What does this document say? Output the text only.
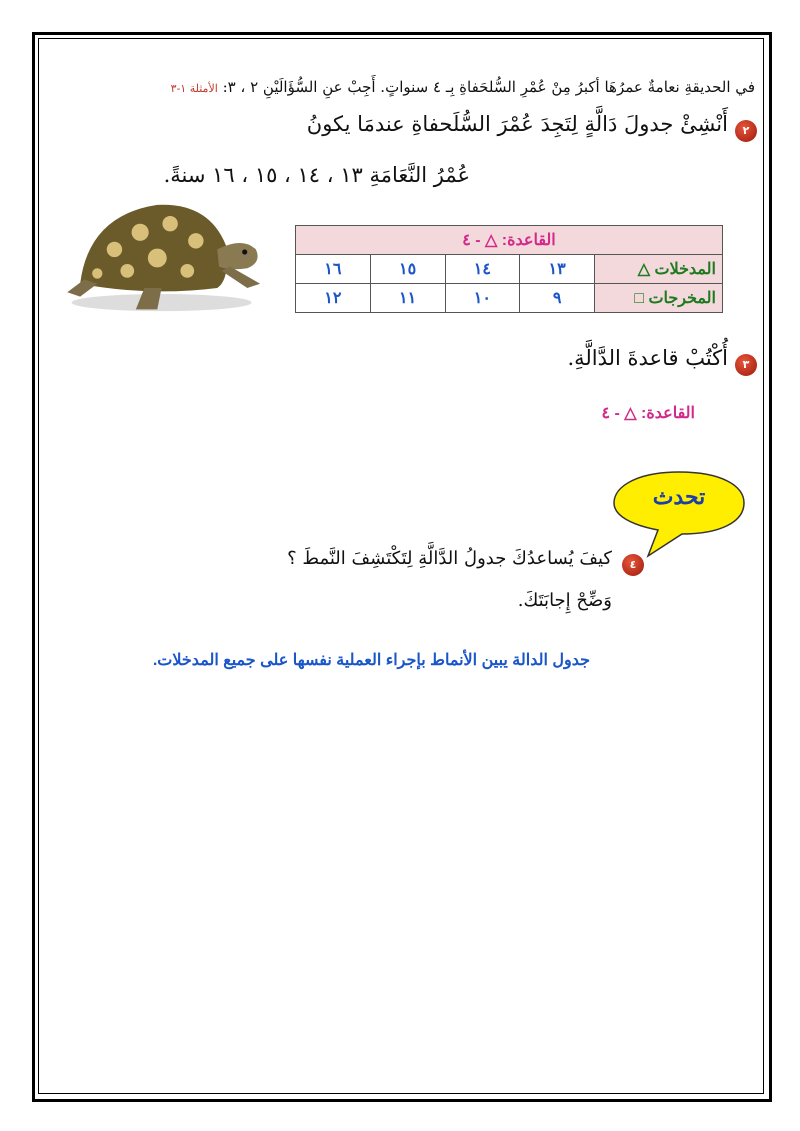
في الحديقةِ نعامةٌ عمرُهَا أكبرُ مِنْ عُمْرِ السُّلحَفاةِ بِـ ٤ سنواتٍ. أَجِبْ عنِ السُّؤَالَيْنِ ٢ ، ٣: الأمثلة ١-٣
٢
أَنْشِئْ جدولَ دَالَّةٍ لِتَجِدَ عُمْرَ السُّلَحفاةِ عندمَا يكونُ
عُمْرُ النَّعَامَةِ ١٣ ، ١٤ ، ١٥ ، ١٦ سنةً.
القاعدة: △ - ٤				
المدخلات △	١٣	١٤	١٥	١٦
المخرجات □	٩	١٠	١١	١٢
٣
أُكْتُبْ قاعدةَ الدَّالَّةِ.
القاعدة: △ - ٤
تحدث
٤
كيفَ يُساعدُكَ جدولُ الدَّالَّةِ لِتَكْتَشِفَ النَّمطَ ؟
وَضِّحْ إِجابَتَكَ.
جدول الدالة يبين الأنماط بإجراء العملية نفسها على جميع المدخلات.
